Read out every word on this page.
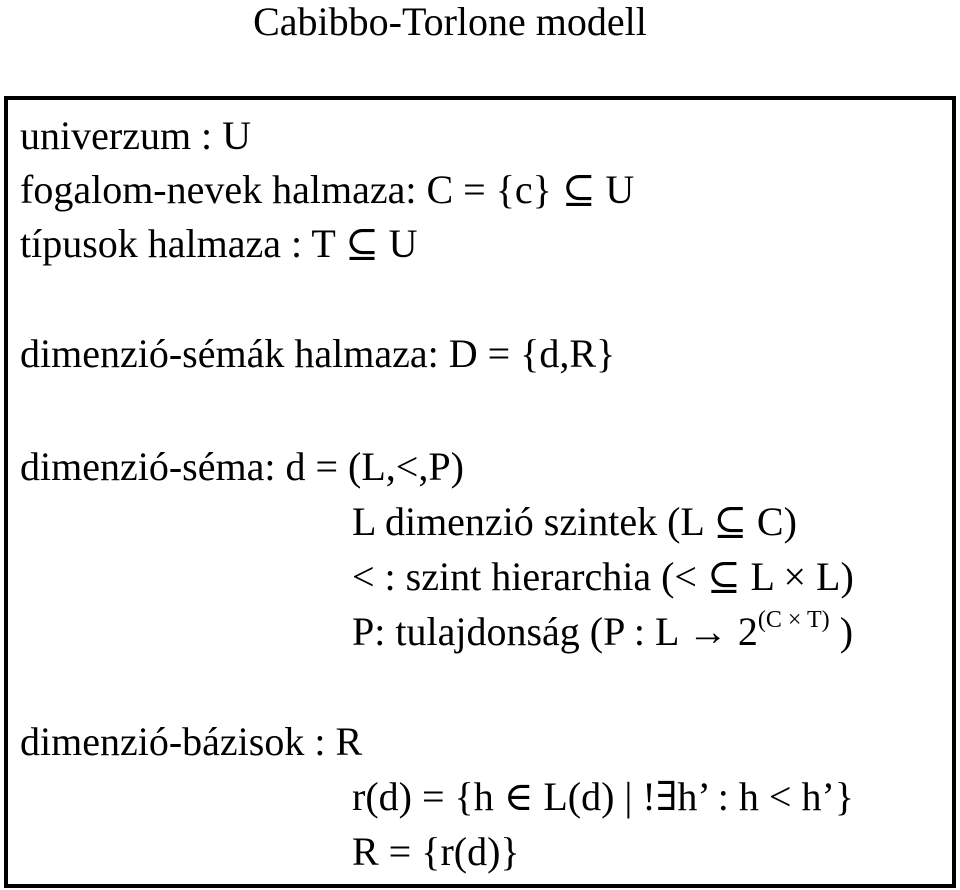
Cabibbo-Torlone modell
univerzum : U
fogalom-nevek halmaza: C = {c} ⊆ U
típusok halmaza : T ⊆ U
dimenzió-sémák halmaza: D = {d,R}
dimenzió-séma: d = (L,<,P)
L dimenzió szintek (L ⊆ C)
< : szint hierarchia (< ⊆ L × L)
P: tulajdonság (P : $L \to 2^{(C \times T)}$ )
dimenzió-bázisok : R
r(d) = {h ∈ L(d) | !∃h’ : h < h’}
R = {r(d)}
